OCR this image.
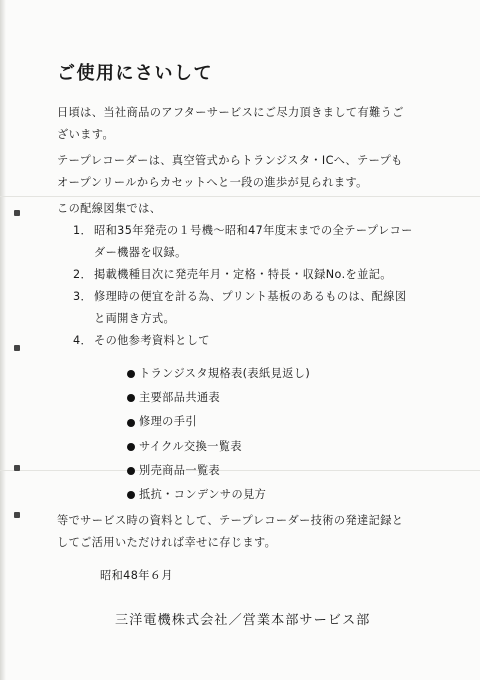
ご使用にさいして

日頃は、当社商品のアフターサービスにご尽力頂きまして有難うご
ざいます。

テープレコーダーは、真空管式からトランジスタ・ICへ、テープも
オープンリールからカセットへと一段の進歩が見られます。

この配線図集では、

1． 昭和35年発売の１号機〜昭和47年度末までの全テープレコー
ダー機器を収録。
2． 掲載機種目次に発売年月・定格・特長・収録No.を並記。
3． 修理時の便宜を計る為、プリント基板のあるものは、配線図
と両開き方式。
4． その他参考資料として
トランジスタ規格表(表紙見返し)
主要部品共通表
修理の手引
サイクル交換一覧表
別売商品一覧表
抵抗・コンデンサの見方

等でサービス時の資料として、テープレコーダー技術の発達記録と
してご活用いただければ幸せに存じます。

昭和48年６月

三洋電機株式会社／営業本部サービス部
